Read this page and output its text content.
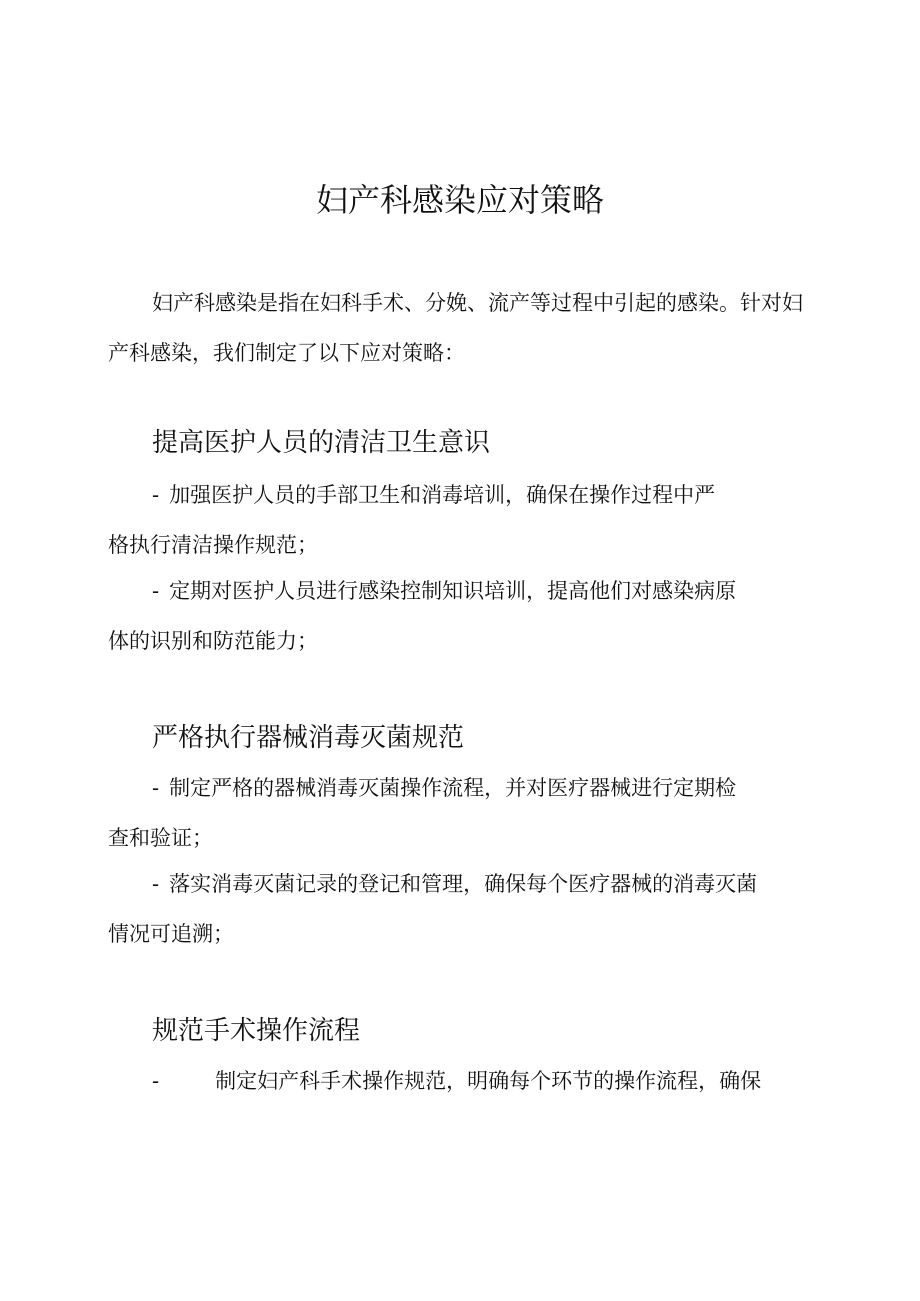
妇产科感染应对策略

妇产科感染是指在妇科手术、分娩、流产等过程中引起的感染。针对妇产科感染，我们制定了以下应对策略：

提高医护人员的清洁卫生意识

- 加强医护人员的手部卫生和消毒培训，确保在操作过程中严
格执行清洁操作规范；

- 定期对医护人员进行感染控制知识培训，提高他们对感染病原
体的识别和防范能力；

严格执行器械消毒灭菌规范

- 制定严格的器械消毒灭菌操作流程，并对医疗器械进行定期检
查和验证；

- 落实消毒灭菌记录的登记和管理，确保每个医疗器械的消毒灭菌
情况可追溯；

规范手术操作流程

-	制定妇产科手术操作规范，明确每个环节的操作流程，确保
